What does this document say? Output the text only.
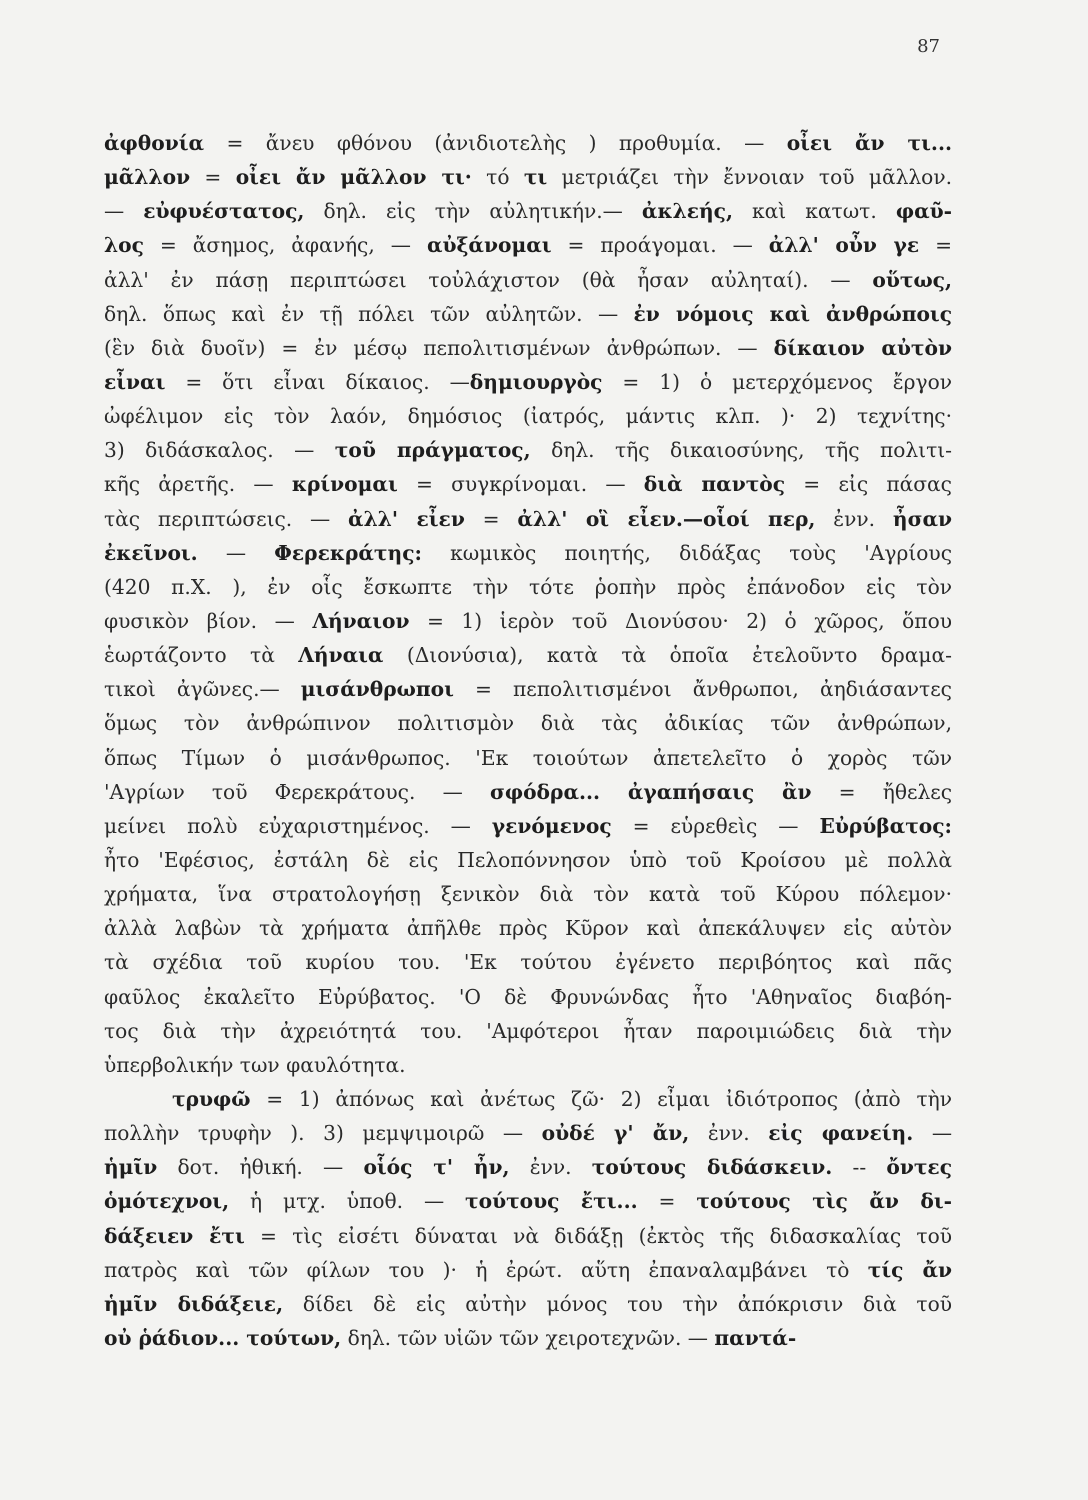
87
ἀφθονία = ἄνευ φθόνου (ἀνιδιοτελὴς ) προθυμία. — οἶει ἄν τι...
μᾶλλον = οἶει ἄν μᾶλλον τι· τό τι μετριάζει τὴν ἔννοιαν τοῦ μᾶλλον.
— εὐφυέστατος, δηλ. εἰς τὴν αὐλητικήν.— ἀκλεής, καὶ κατωτ. φαῦ-
λος = ἄσημος, ἀφανής, — αὐξάνομαι = προάγομαι. — ἀλλ' οὖν γε =
ἀλλ' ἐν πάσῃ περιπτώσει τοὐλάχιστον (θὰ ἦσαν αὐληταί). — οὕτως,
δηλ. ὅπως καὶ ἐν τῇ πόλει τῶν αὐλητῶν. — ἐν νόμοις καὶ ἀνθρώποις
(ἓν διὰ δυοῖν) = ἐν μέσῳ πεπολιτισμένων ἀνθρώπων. — δίκαιον αὐτὸν
εἶναι = ὅτι εἶναι δίκαιος. —δημιουργὸς = 1) ὁ μετερχόμενος ἔργον
ὠφέλιμον εἰς τὸν λαόν, δημόσιος (ἰατρός, μάντις κλπ. )· 2) τεχνίτης·
3) διδάσκαλος. — τοῦ πράγματος, δηλ. τῆς δικαιοσύνης, τῆς πολιτι-
κῆς ἀρετῆς. — κρίνομαι = συγκρίνομαι. — διὰ παντὸς = εἰς πάσας
τὰς περιπτώσεις. — ἀλλ' εἶεν = ἀλλ' οἳ εἶεν.—οἷοί περ, ἐνν. ἦσαν
ἐκεῖνοι. — Φερεκράτης: κωμικὸς ποιητής, διδάξας τοὺς 'Αγρίους
(420 π.Χ. ), ἐν οἷς ἔσκωπτε τὴν τότε ῥοπὴν πρὸς ἐπάνοδον εἰς τὸν
φυσικὸν βίον. — Λήναιον = 1) ἱερὸν τοῦ Διονύσου· 2) ὁ χῶρος, ὅπου
ἑωρτάζοντο τὰ Λήναια (Διονύσια), κατὰ τὰ ὁποῖα ἐτελοῦντο δραμα-
τικοὶ ἀγῶνες.— μισάνθρωποι = πεπολιτισμένοι ἄνθρωποι, ἀηδιάσαντες
ὅμως τὸν ἀνθρώπινον πολιτισμὸν διὰ τὰς ἀδικίας τῶν ἀνθρώπων,
ὅπως Τίμων ὁ μισάνθρωπος. 'Εκ τοιούτων ἀπετελεῖτο ὁ χορὸς τῶν
'Αγρίων τοῦ Φερεκράτους. — σφόδρα... ἀγαπήσαις ἂν = ἤθελες
μείνει πολὺ εὐχαριστημένος. — γενόμενος = εὑρεθεὶς — Εὐρύβατος:
ἦτο 'Εφέσιος, ἐστάλη δὲ εἰς Πελοπόννησον ὑπὸ τοῦ Κροίσου μὲ πολλὰ
χρήματα, ἵνα στρατολογήσῃ ξενικὸν διὰ τὸν κατὰ τοῦ Κύρου πόλεμον·
ἀλλὰ λαβὼν τὰ χρήματα ἀπῆλθε πρὸς Κῦρον καὶ ἀπεκάλυψεν εἰς αὐτὸν
τὰ σχέδια τοῦ κυρίου του. 'Εκ τούτου ἐγένετο περιβόητος καὶ πᾶς
φαῦλος ἐκαλεῖτο Εὐρύβατος. 'Ο δὲ Φρυνώνδας ἦτο 'Αθηναῖος διαβόη-
τος διὰ τὴν ἀχρειότητά του. 'Αμφότεροι ἦταν παροιμιώδεις διὰ τὴν
ὑπερβολικήν των φαυλότητα.
τρυφῶ = 1) ἀπόνως καὶ ἀνέτως ζῶ· 2) εἶμαι ἰδιότροπος (ἀπὸ τὴν
πολλὴν τρυφὴν ). 3) μεμψιμοιρῶ — οὐδέ γ' ἄν, ἐνν. εἰς φανείη. —
ἡμῖν δοτ. ἠθική. — οἷός τ' ἦν, ἐνν. τούτους διδάσκειν. -- ὄντες
ὁμότεχνοι, ἡ μτχ. ὑποθ. — τούτους ἔτι... = τούτους τὶς ἄν δι-
δάξειεν ἔτι = τὶς εἰσέτι δύναται νὰ διδάξῃ (ἐκτὸς τῆς διδασκαλίας τοῦ
πατρὸς καὶ τῶν φίλων του )· ἡ ἐρώτ. αὕτη ἐπαναλαμβάνει τὸ τίς ἄν
ἡμῖν διδάξειε, δίδει δὲ εἰς αὐτὴν μόνος του τὴν ἀπόκρισιν διὰ τοῦ
οὐ ῥάδιον... τούτων, δηλ. τῶν υἱῶν τῶν χειροτεχνῶν. — παντά-
